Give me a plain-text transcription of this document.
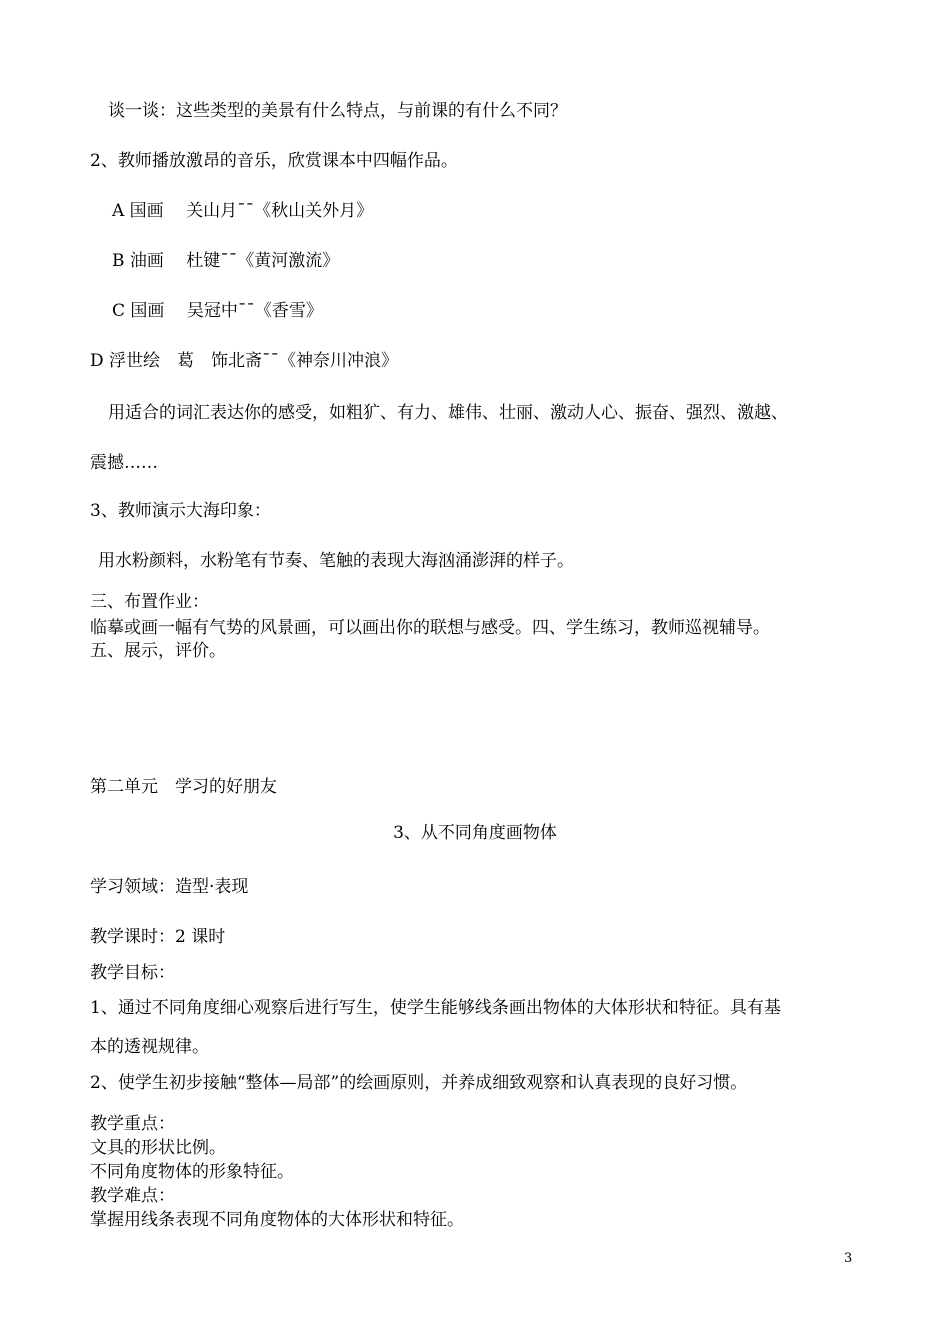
谈一谈：这些类型的美景有什么特点，与前课的有什么不同？
2、教师播放激昂的音乐，欣赏课本中四幅作品。
A 国画　 关山月¯¯《秋山关外月》
B 油画　 杜键¯¯《黄河激流》
C 国画　 吴冠中¯¯《香雪》
D 浮世绘　葛　饰北斋¯¯《神奈川冲浪》
用适合的词汇表达你的感受，如粗犷、有力、雄伟、壮丽、激动人心、振奋、强烈、激越、
震撼……
3、教师演示大海印象：
用水粉颜料，水粉笔有节奏、笔触的表现大海汹涌澎湃的样子。
三、布置作业：
临摹或画一幅有气势的风景画，可以画出你的联想与感受。四、学生练习，教师巡视辅导。
五、展示，评价。
第二单元　学习的好朋友
3、从不同角度画物体
学习领域：造型·表现
教学课时：2 课时
教学目标：
1、通过不同角度细心观察后进行写生，使学生能够线条画出物体的大体形状和特征。具有基
本的透视规律。
2、使学生初步接触“整体—局部”的绘画原则，并养成细致观察和认真表现的良好习惯。
教学重点：
文具的形状比例。
不同角度物体的形象特征。
教学难点：
掌握用线条表现不同角度物体的大体形状和特征。
3
